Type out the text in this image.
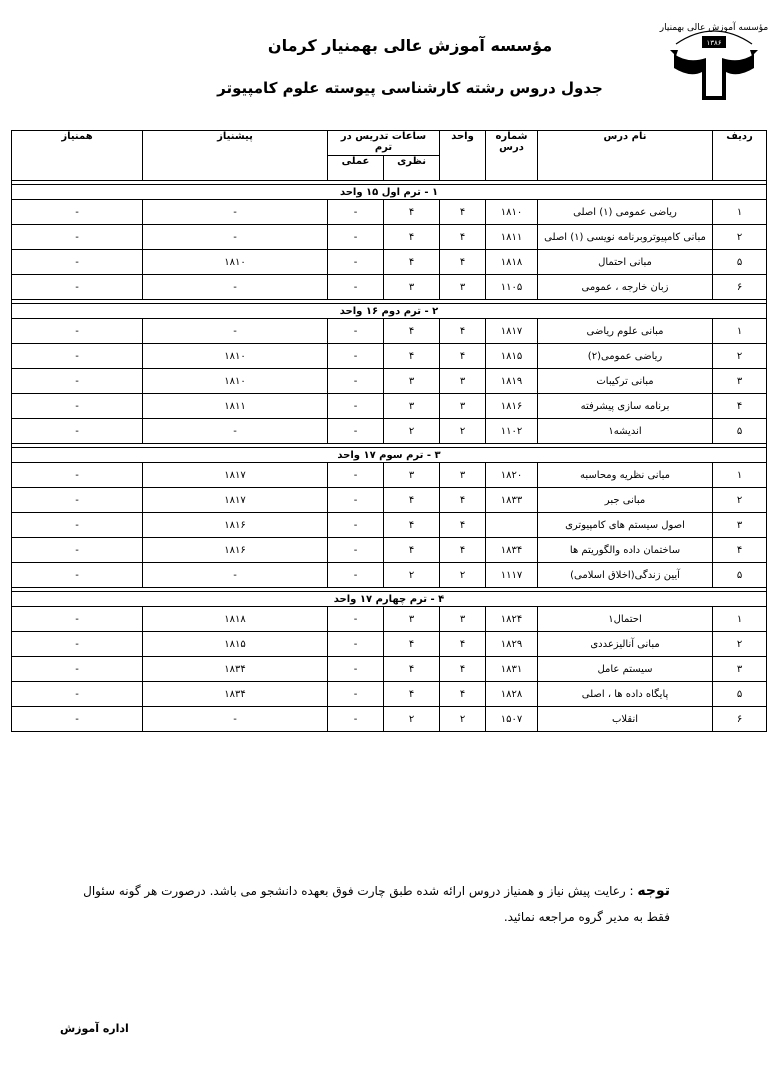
مؤسسه آموزش عالی بهمنیار
۱۳۸۶
مؤسسه آموزش عالی بهمنیار کرمان
جدول دروس رشته کارشناسی پیوسته علوم کامپیوتر
ردیف	نام درس	شماره درس	واحد	ساعات تدریس در ترم		پیشنیاز	همنیاز
				نظری	عملی		

۱ - ترم اول ۱۵ واحد							
۱	ریاضی عمومی (۱) اصلی	۱۸۱۰	۴	۴	-	-	-
۲	مبانی کامپیوتروبرنامه نویسی (۱) اصلی	۱۸۱۱	۴	۴	-	-	-
۵	مبانی احتمال	۱۸۱۸	۴	۴	-	۱۸۱۰	-
۶	زبان خارجه ، عمومی	۱۱۰۵	۳	۳	-	-	-

۲ - ترم دوم ۱۶ واحد							
۱	مبانی علوم ریاضی	۱۸۱۷	۴	۴	-	-	-
۲	ریاضی عمومی(۲)	۱۸۱۵	۴	۴	-	۱۸۱۰	-
۳	مبانی ترکیبات	۱۸۱۹	۳	۳	-	۱۸۱۰	-
۴	برنامه سازی پیشرفته	۱۸۱۶	۳	۳	-	۱۸۱۱	-
۵	اندیشه۱	۱۱۰۲	۲	۲	-	-	-

۳ - ترم سوم ۱۷ واحد							
۱	مبانی نظریه ومحاسبه	۱۸۲۰	۳	۳	-	۱۸۱۷	-
۲	مبانی جبر	۱۸۳۳	۴	۴	-	۱۸۱۷	-
۳	اصول سیستم های کامپیوتری		۴	۴	-	۱۸۱۶	-
۴	ساختمان داده والگوریتم ها	۱۸۳۴	۴	۴	-	۱۸۱۶	-
۵	آیین زندگی(اخلاق اسلامی)	۱۱۱۷	۲	۲	-	-	-

۴ - ترم چهارم ۱۷ واحد							
۱	احتمال۱	۱۸۲۴	۳	۳	-	۱۸۱۸	-
۲	مبانی آنالیزعددی	۱۸۲۹	۴	۴	-	۱۸۱۵	-
۳	سیستم عامل	۱۸۳۱	۴	۴	-	۱۸۳۴	-
۵	پایگاه داده ها ، اصلی	۱۸۲۸	۴	۴	-	۱۸۳۴	-
۶	انقلاب	۱۵۰۷	۲	۲	-	-	-
توجه : رعایت پیش نیاز و همنیاز دروس ارائه شده طبق چارت فوق بعهده دانشجو می باشد. درصورت هر گونه سئوال فقط به مدیر گروه مراجعه نمائید.
اداره آموزش
